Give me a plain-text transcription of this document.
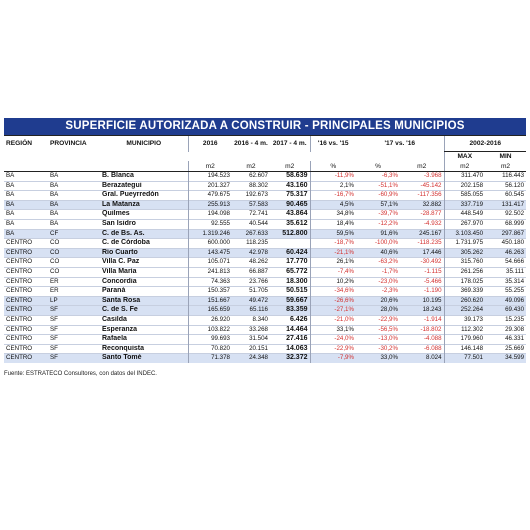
SUPERFICIE AUTORIZADA A CONSTRUIR - PRINCIPALES MUNICIPIOS
REGIÓN	PROVINCIA	MUNICIPIO	2016	2016 - 4 m.	2017 - 4 m.	'16 vs. '15	'17 vs. '16		2002-2016	
									MAX	MIN
			m2	m2	m2	%	%	m2	m2	m2
BA	BA	B. Blanca	194.523	62.607	58.639	-11,9%	-6,3%	-3.968	311.470	116.443
BA	BA	Berazategui	201.327	88.302	43.160	2,1%	-51,1%	-45.142	202.158	56.120
BA	BA	Gral. Pueyrredón	479.675	192.673	75.317	-16,7%	-60,9%	-117.356	585.055	60.545
BA	BA	La Matanza	255.913	57.583	90.465	4,5%	57,1%	32.882	337.719	131.417
BA	BA	Quilmes	194.098	72.741	43.864	34,8%	-39,7%	-28.877	448.549	92.502
BA	BA	San Isidro	92.555	40.544	35.612	18,4%	-12,2%	-4.932	267.970	68.999
BA	CF	C. de Bs. As.	1.319.246	267.633	512.800	59,5%	91,6%	245.167	3.103.450	297.867
CENTRO	CO	C. de Córdoba	600.000	118.235		-18,7%	-100,0%	-118.235	1.731.975	450.180
CENTRO	CO	Río Cuarto	143.475	42.978	60.424	-21,1%	40,6%	17.446	305.262	46.263
CENTRO	CO	Villa C. Paz	105.071	48.262	17.770	26,1%	-63,2%	-30.492	315.760	54.666
CENTRO	CO	Villa María	241.813	66.887	65.772	-7,4%	-1,7%	-1.115	261.256	35.111
CENTRO	ER	Concordia	74.363	23.766	18.300	10,2%	-23,0%	-5.466	178.025	35.314
CENTRO	ER	Paraná	150.357	51.705	50.515	-34,6%	-2,3%	-1.190	369.339	55.255
CENTRO	LP	Santa Rosa	151.667	49.472	59.667	-26,6%	20,6%	10.195	260.620	49.096
CENTRO	SF	C. de S. Fe	165.659	65.116	83.359	-27,1%	28,0%	18.243	252.264	69.430
CENTRO	SF	Casilda	26.920	8.340	6.426	-21,0%	-22,9%	-1.914	39.173	15.235
CENTRO	SF	Esperanza	103.822	33.268	14.464	33,1%	-56,5%	-18.802	112.302	29.308
CENTRO	SF	Rafaela	99.693	31.504	27.416	-24,0%	-13,0%	-4.088	179.960	46.331
CENTRO	SF	Reconquista	70.820	20.151	14.063	-22,9%	-30,2%	-6.088	146.148	25.669
CENTRO	SF	Santo Tomé	71.378	24.348	32.372	-7,9%	33,0%	8.024	77.501	34.599
Fuente: ESTRATECO Consultores, con datos del INDEC.
